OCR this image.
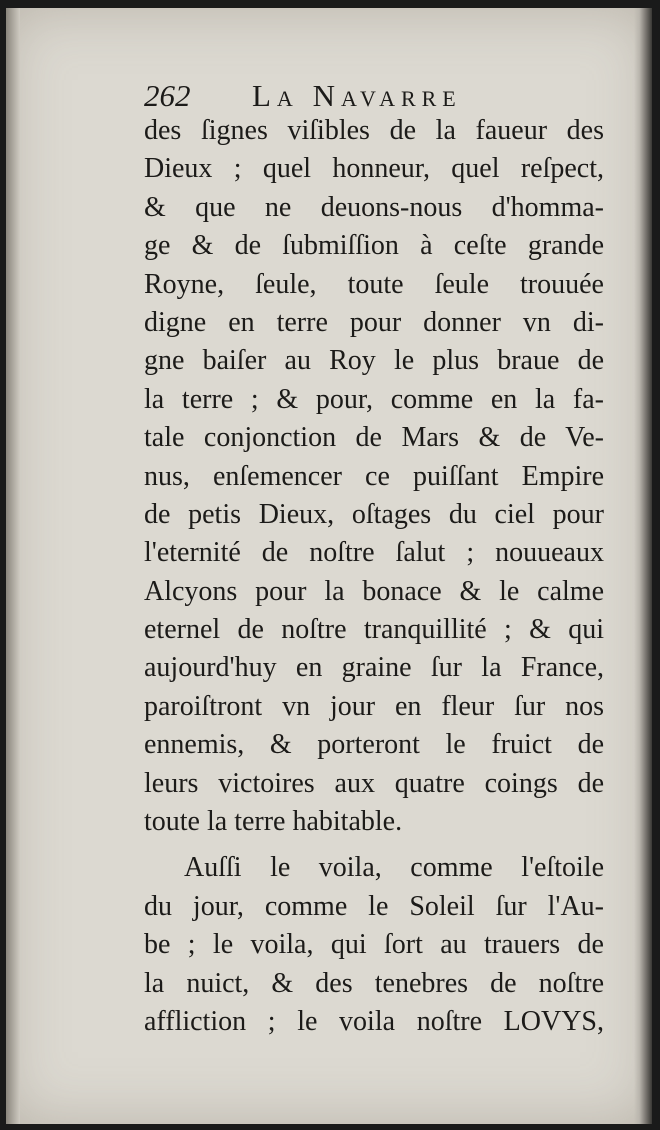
262 La Navarre
des ſignes viſibles de la faueur des
Dieux ; quel honneur, quel reſpect,
& que ne deuons-nous d'homma-
ge & de ſubmiſſion à ceſte grande
Royne, ſeule, toute ſeule trouuée
digne en terre pour donner vn di-
gne baiſer au Roy le plus braue de
la terre ; & pour, comme en la fa-
tale conjonction de Mars & de Ve-
nus, enſemencer ce puiſſant Empire
de petis Dieux, oſtages du ciel pour
l'eternité de noſtre ſalut ; nouueaux
Alcyons pour la bonace & le calme
eternel de noſtre tranquillité ; & qui
aujourd'huy en graine ſur la France,
paroiſtront vn jour en fleur ſur nos
ennemis, & porteront le fruict de
leurs victoires aux quatre coings de
toute la terre habitable.
Auſſi le voila, comme l'eſtoile
du jour, comme le Soleil ſur l'Au-
be ; le voila, qui ſort au trauers de
la nuict, & des tenebres de noſtre
affliction ; le voila noſtre LOVYS,
